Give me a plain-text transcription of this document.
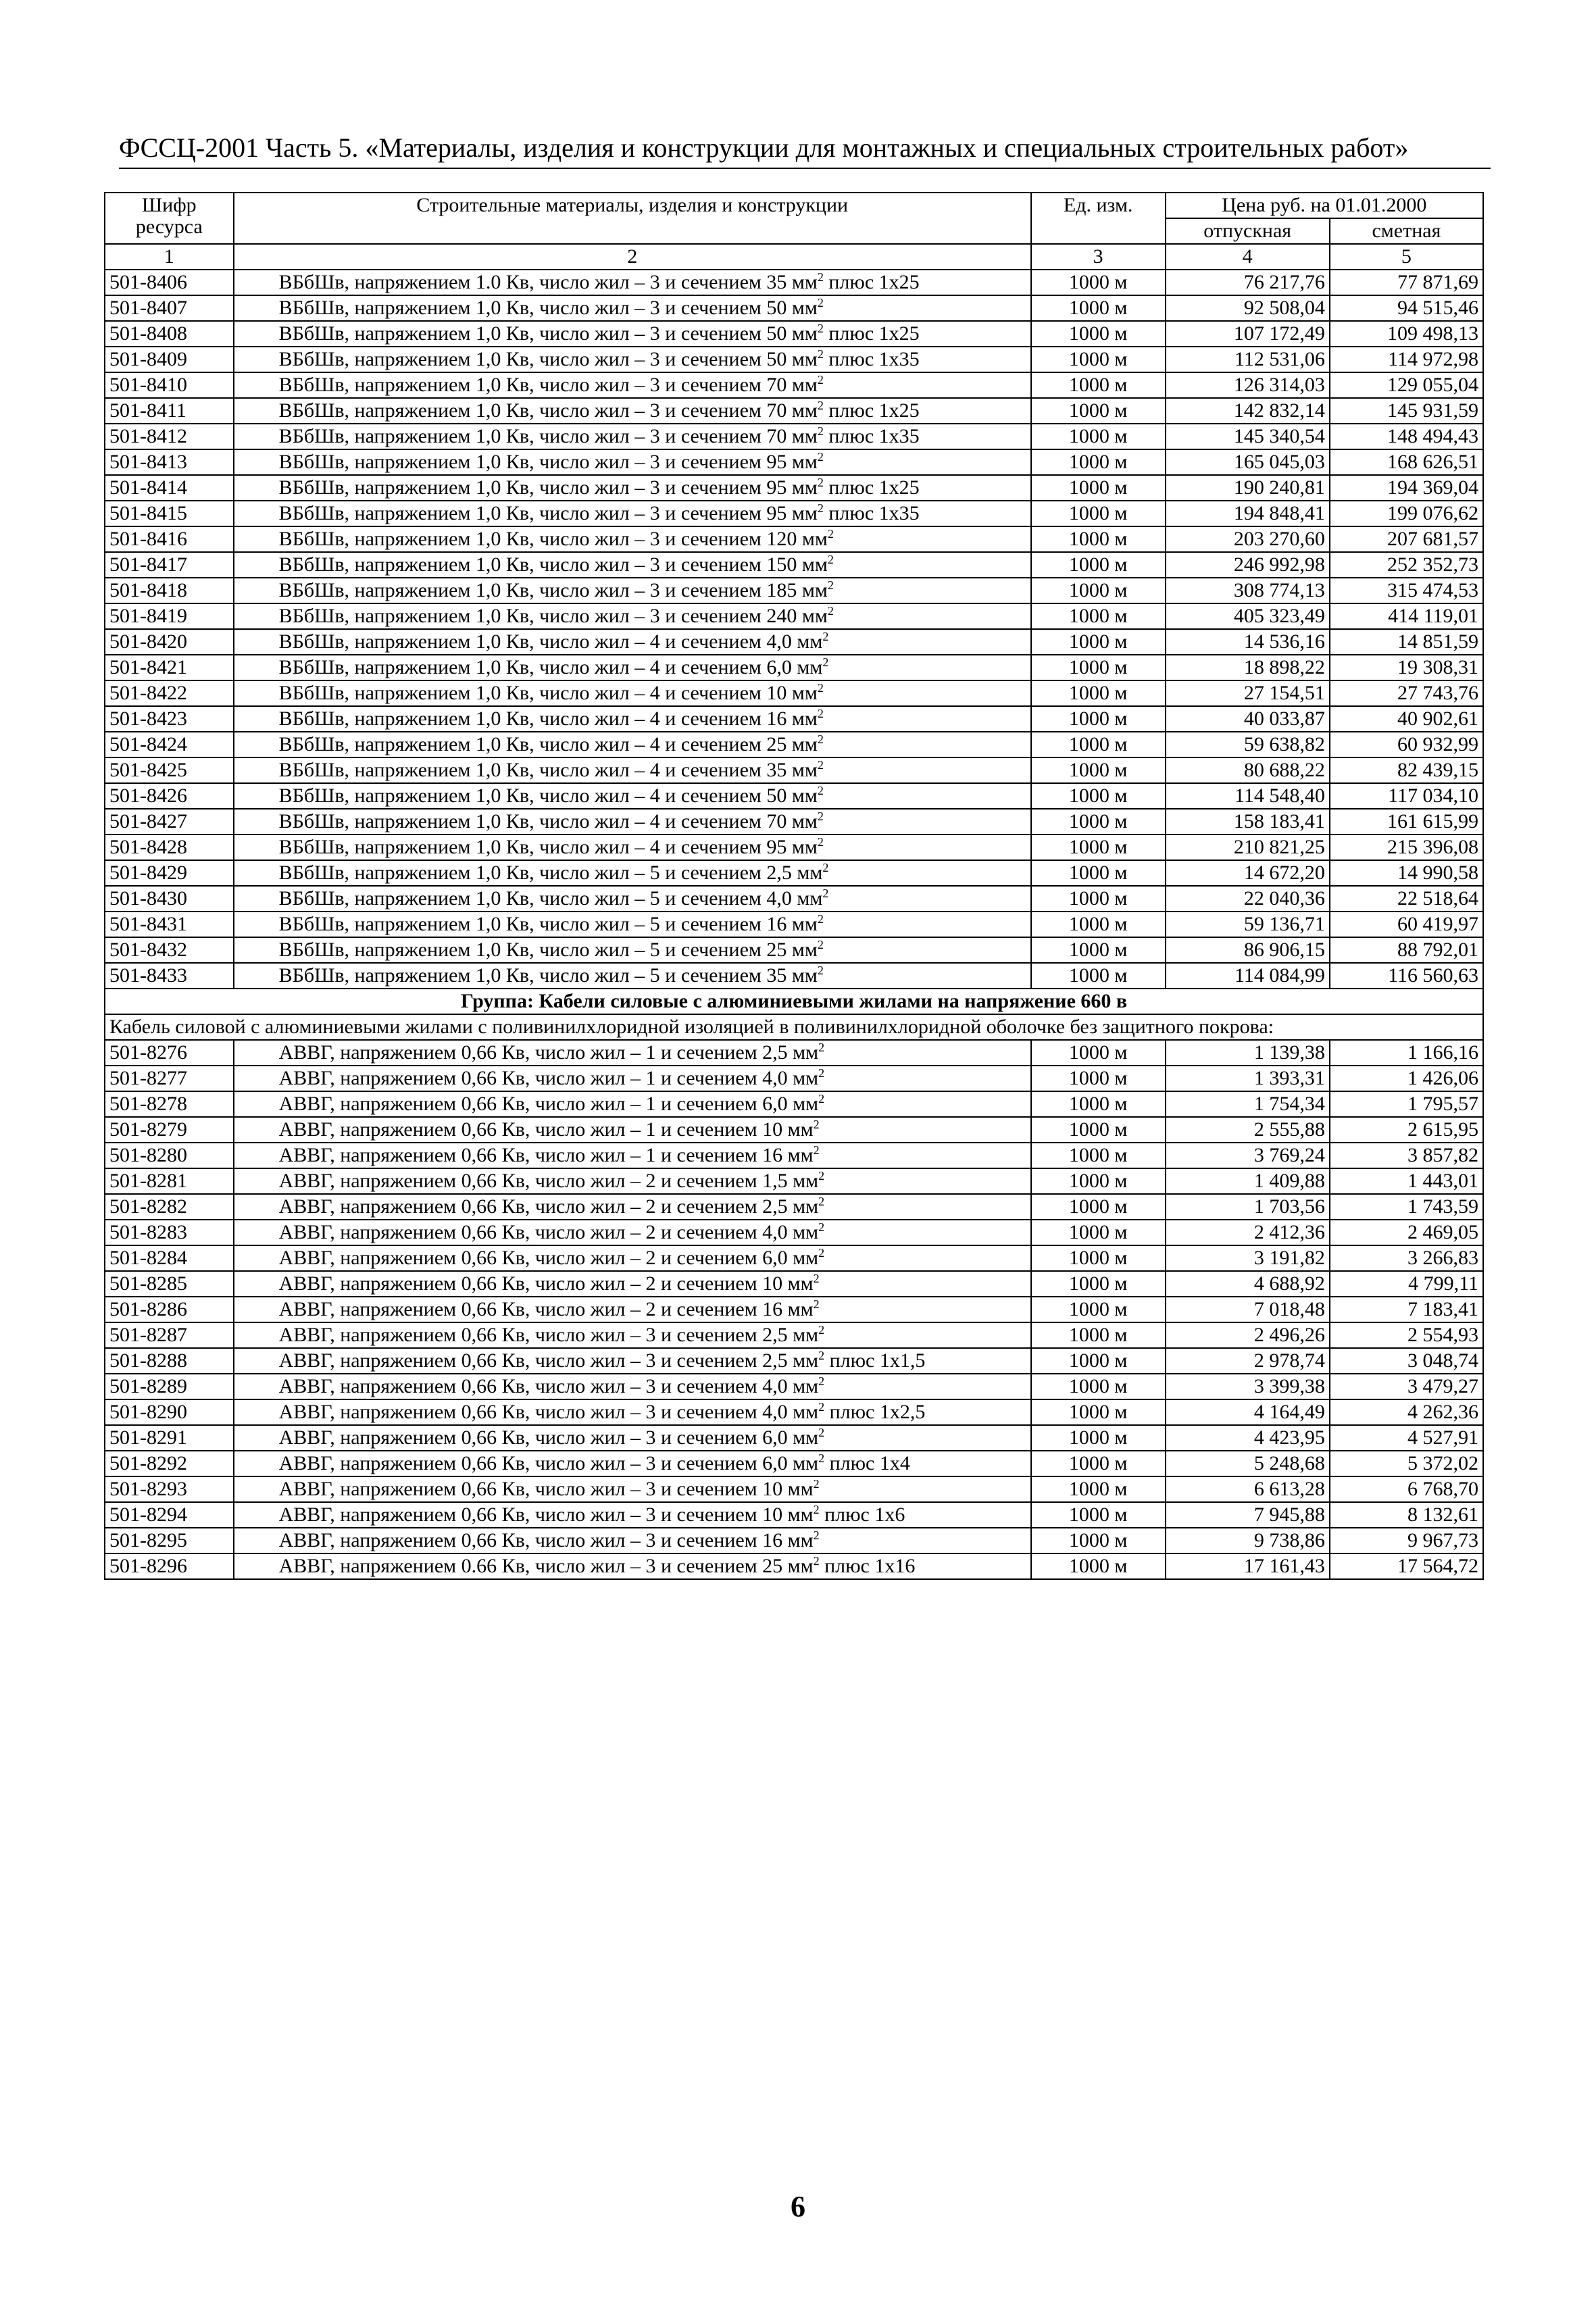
ФССЦ-2001 Часть 5. «Материалы, изделия и конструкции для монтажных и специальных строительных работ»
Шифр ресурса	Строительные материалы, изделия и конструкции	Ед. изм.	Цена руб. на 01.01.2000	
			отпускная	сметная
1	2	3	4	5
501-8406	ВБбШв, напряжением 1.0 Кв, число жил – 3 и сечением 35 $мм^2$ плюс 1х25	1000 м	76 217,76	77 871,69
501-8407	ВБбШв, напряжением 1,0 Кв, число жил – 3 и сечением 50 $мм^2$	1000 м	92 508,04	94 515,46
501-8408	ВБбШв, напряжением 1,0 Кв, число жил – 3 и сечением 50 $мм^2$ плюс 1х25	1000 м	107 172,49	109 498,13
501-8409	ВБбШв, напряжением 1,0 Кв, число жил – 3 и сечением 50 $мм^2$ плюс 1х35	1000 м	112 531,06	114 972,98
501-8410	ВБбШв, напряжением 1,0 Кв, число жил – 3 и сечением 70 $мм^2$	1000 м	126 314,03	129 055,04
501-8411	ВБбШв, напряжением 1,0 Кв, число жил – 3 и сечением 70 $мм^2$ плюс 1х25	1000 м	142 832,14	145 931,59
501-8412	ВБбШв, напряжением 1,0 Кв, число жил – 3 и сечением 70 $мм^2$ плюс 1х35	1000 м	145 340,54	148 494,43
501-8413	ВБбШв, напряжением 1,0 Кв, число жил – 3 и сечением 95 $мм^2$	1000 м	165 045,03	168 626,51
501-8414	ВБбШв, напряжением 1,0 Кв, число жил – 3 и сечением 95 $мм^2$ плюс 1х25	1000 м	190 240,81	194 369,04
501-8415	ВБбШв, напряжением 1,0 Кв, число жил – 3 и сечением 95 $мм^2$ плюс 1х35	1000 м	194 848,41	199 076,62
501-8416	ВБбШв, напряжением 1,0 Кв, число жил – 3 и сечением 120 $мм^2$	1000 м	203 270,60	207 681,57
501-8417	ВБбШв, напряжением 1,0 Кв, число жил – 3 и сечением 150 $мм^2$	1000 м	246 992,98	252 352,73
501-8418	ВБбШв, напряжением 1,0 Кв, число жил – 3 и сечением 185 $мм^2$	1000 м	308 774,13	315 474,53
501-8419	ВБбШв, напряжением 1,0 Кв, число жил – 3 и сечением 240 $мм^2$	1000 м	405 323,49	414 119,01
501-8420	ВБбШв, напряжением 1,0 Кв, число жил – 4 и сечением 4,0 $мм^2$	1000 м	14 536,16	14 851,59
501-8421	ВБбШв, напряжением 1,0 Кв, число жил – 4 и сечением 6,0 $мм^2$	1000 м	18 898,22	19 308,31
501-8422	ВБбШв, напряжением 1,0 Кв, число жил – 4 и сечением 10 $мм^2$	1000 м	27 154,51	27 743,76
501-8423	ВБбШв, напряжением 1,0 Кв, число жил – 4 и сечением 16 $мм^2$	1000 м	40 033,87	40 902,61
501-8424	ВБбШв, напряжением 1,0 Кв, число жил – 4 и сечением 25 $мм^2$	1000 м	59 638,82	60 932,99
501-8425	ВБбШв, напряжением 1,0 Кв, число жил – 4 и сечением 35 $мм^2$	1000 м	80 688,22	82 439,15
501-8426	ВБбШв, напряжением 1,0 Кв, число жил – 4 и сечением 50 $мм^2$	1000 м	114 548,40	117 034,10
501-8427	ВБбШв, напряжением 1,0 Кв, число жил – 4 и сечением 70 $мм^2$	1000 м	158 183,41	161 615,99
501-8428	ВБбШв, напряжением 1,0 Кв, число жил – 4 и сечением 95 $мм^2$	1000 м	210 821,25	215 396,08
501-8429	ВБбШв, напряжением 1,0 Кв, число жил – 5 и сечением 2,5 $мм^2$	1000 м	14 672,20	14 990,58
501-8430	ВБбШв, напряжением 1,0 Кв, число жил – 5 и сечением 4,0 $мм^2$	1000 м	22 040,36	22 518,64
501-8431	ВБбШв, напряжением 1,0 Кв, число жил – 5 и сечением 16 $мм^2$	1000 м	59 136,71	60 419,97
501-8432	ВБбШв, напряжением 1,0 Кв, число жил – 5 и сечением 25 $мм^2$	1000 м	86 906,15	88 792,01
501-8433	ВБбШв, напряжением 1,0 Кв, число жил – 5 и сечением 35 $мм^2$	1000 м	114 084,99	116 560,63
Группа: Кабели силовые с алюминиевыми жилами на напряжение 660 в				
Кабель силовой с алюминиевыми жилами с поливинилхлоридной изоляцией в поливинилхлоридной оболочке без защитного покрова:				
501-8276	АВВГ, напряжением 0,66 Кв, число жил – 1 и сечением 2,5 $мм^2$	1000 м	1 139,38	1 166,16
501-8277	АВВГ, напряжением 0,66 Кв, число жил – 1 и сечением 4,0 $мм^2$	1000 м	1 393,31	1 426,06
501-8278	АВВГ, напряжением 0,66 Кв, число жил – 1 и сечением 6,0 $мм^2$	1000 м	1 754,34	1 795,57
501-8279	АВВГ, напряжением 0,66 Кв, число жил – 1 и сечением 10 $мм^2$	1000 м	2 555,88	2 615,95
501-8280	АВВГ, напряжением 0,66 Кв, число жил – 1 и сечением 16 $мм^2$	1000 м	3 769,24	3 857,82
501-8281	АВВГ, напряжением 0,66 Кв, число жил – 2 и сечением 1,5 $мм^2$	1000 м	1 409,88	1 443,01
501-8282	АВВГ, напряжением 0,66 Кв, число жил – 2 и сечением 2,5 $мм^2$	1000 м	1 703,56	1 743,59
501-8283	АВВГ, напряжением 0,66 Кв, число жил – 2 и сечением 4,0 $мм^2$	1000 м	2 412,36	2 469,05
501-8284	АВВГ, напряжением 0,66 Кв, число жил – 2 и сечением 6,0 $мм^2$	1000 м	3 191,82	3 266,83
501-8285	АВВГ, напряжением 0,66 Кв, число жил – 2 и сечением 10 $мм^2$	1000 м	4 688,92	4 799,11
501-8286	АВВГ, напряжением 0,66 Кв, число жил – 2 и сечением 16 $мм^2$	1000 м	7 018,48	7 183,41
501-8287	АВВГ, напряжением 0,66 Кв, число жил – 3 и сечением 2,5 $мм^2$	1000 м	2 496,26	2 554,93
501-8288	АВВГ, напряжением 0,66 Кв, число жил – 3 и сечением 2,5 $мм^2$ плюс 1х1,5	1000 м	2 978,74	3 048,74
501-8289	АВВГ, напряжением 0,66 Кв, число жил – 3 и сечением 4,0 $мм^2$	1000 м	3 399,38	3 479,27
501-8290	АВВГ, напряжением 0,66 Кв, число жил – 3 и сечением 4,0 $мм^2$ плюс 1х2,5	1000 м	4 164,49	4 262,36
501-8291	АВВГ, напряжением 0,66 Кв, число жил – 3 и сечением 6,0 $мм^2$	1000 м	4 423,95	4 527,91
501-8292	АВВГ, напряжением 0,66 Кв, число жил – 3 и сечением 6,0 $мм^2$ плюс 1х4	1000 м	5 248,68	5 372,02
501-8293	АВВГ, напряжением 0,66 Кв, число жил – 3 и сечением 10 $мм^2$	1000 м	6 613,28	6 768,70
501-8294	АВВГ, напряжением 0,66 Кв, число жил – 3 и сечением 10 $мм^2$ плюс 1х6	1000 м	7 945,88	8 132,61
501-8295	АВВГ, напряжением 0,66 Кв, число жил – 3 и сечением 16 $мм^2$	1000 м	9 738,86	9 967,73
501-8296	АВВГ, напряжением 0.66 Кв, число жил – 3 и сечением 25 $мм^2$ плюс 1х16	1000 м	17 161,43	17 564,72
6
